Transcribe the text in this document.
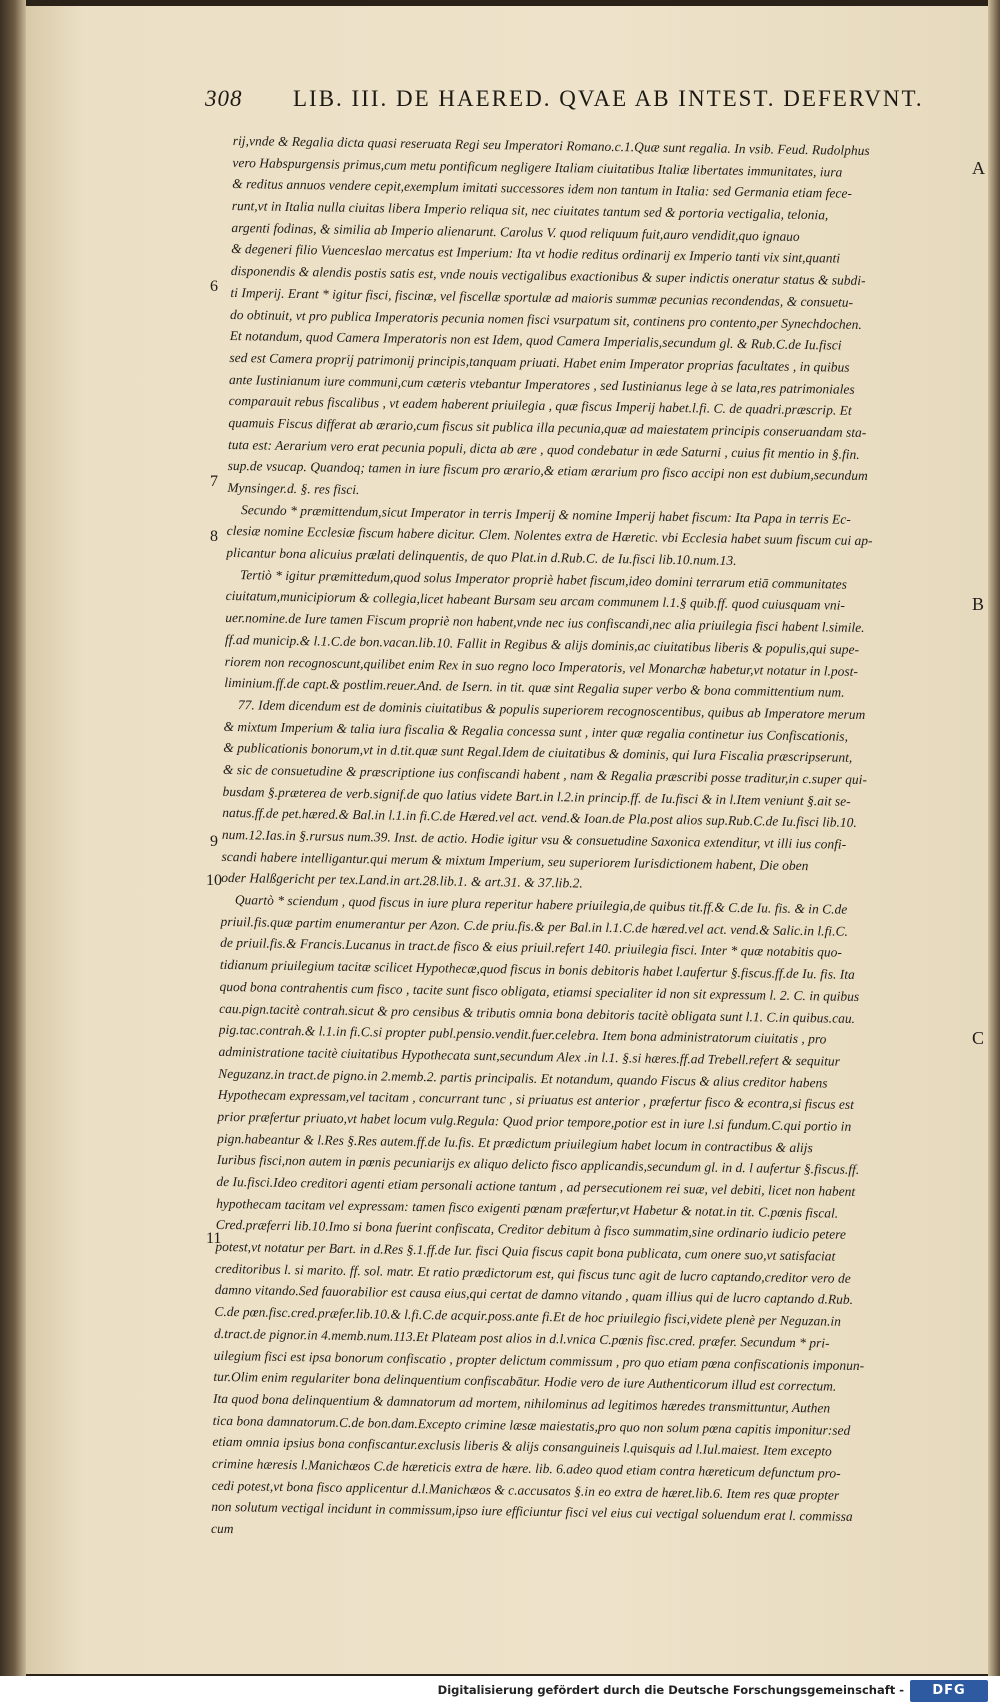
308 LIB. III. DE HAERED. QVAE AB INTEST. DEFERVNT.
rij,vnde & Regalia dicta quasi reseruata Regi seu Imperatori Romano.c.1.Quæ sunt regalia. In vsib. Feud. Rudolphus
vero Habspurgensis primus,cum metu pontificum negligere Italiam ciuitatibus Italiæ libertates immunitates, iura
& reditus annuos vendere cepit,exemplum imitati successores idem non tantum in Italia: sed Germania etiam fece-
runt,vt in Italia nulla ciuitas libera Imperio reliqua sit, nec ciuitates tantum sed & portoria vectigalia, telonia,
argenti fodinas, & similia ab Imperio alienarunt. Carolus V. quod reliquum fuit,auro vendidit,quo ignauo
& degeneri filio Vuenceslao mercatus est Imperium: Ita vt hodie reditus ordinarij ex Imperio tanti vix sint,quanti
disponendis & alendis postis satis est, vnde nouis vectigalibus exactionibus & super indictis oneratur status & subdi-
ti Imperij. Erant * igitur fisci, fiscinæ, vel fiscellæ sportulæ ad maioris summæ pecunias recondendas, & consuetu-
do obtinuit, vt pro publica Imperatoris pecunia nomen fisci vsurpatum sit, continens pro contento,per Synechdochen.
Et notandum, quod Camera Imperatoris non est Idem, quod Camera Imperialis,secundum gl. & Rub.C.de Iu.fisci
sed est Camera proprij patrimonij principis,tanquam priuati. Habet enim Imperator proprias facultates , in quibus
ante Iustinianum iure communi,cum cæteris vtebantur Imperatores , sed Iustinianus lege à se lata,res patrimoniales
comparauit rebus fiscalibus , vt eadem haberent priuilegia , quæ fiscus Imperij habet.l.fi. C. de quadri.præscrip. Et
quamuis Fiscus differat ab ærario,cum fiscus sit publica illa pecunia,quæ ad maiestatem principis conseruandam sta-
tuta est: Aerarium vero erat pecunia populi, dicta ab ære , quod condebatur in æde Saturni , cuius fit mentio in §.fin.
sup.de vsucap. Quandoq; tamen in iure fiscum pro ærario,& etiam ærarium pro fisco accipi non est dubium,secundum
Mynsinger.d. §. res fisci.
Secundo * præmittendum,sicut Imperator in terris Imperij & nomine Imperij habet fiscum: Ita Papa in terris Ec-
clesiæ nomine Ecclesiæ fiscum habere dicitur. Clem. Nolentes extra de Hæretic. vbi Ecclesia habet suum fiscum cui ap-
plicantur bona alicuius prælati delinquentis, de quo Plat.in d.Rub.C. de Iu.fisci lib.10.num.13.
Tertiò * igitur præmittedum,quod solus Imperator propriè habet fiscum,ideo domini terrarum etiā communitates
ciuitatum,municipiorum & collegia,licet habeant Bursam seu arcam communem l.1.§ quib.ff. quod cuiusquam vni-
uer.nomine.de Iure tamen Fiscum propriè non habent,vnde nec ius confiscandi,nec alia priuilegia fisci habent l.simile.
ff.ad municip.& l.1.C.de bon.vacan.lib.10. Fallit in Regibus & alijs dominis,ac ciuitatibus liberis & populis,qui supe-
riorem non recognoscunt,quilibet enim Rex in suo regno loco Imperatoris, vel Monarchæ habetur,vt notatur in l.post-
liminium.ff.de capt.& postlim.reuer.And. de Isern. in tit. quæ sint Regalia super verbo & bona committentium num.
77. Idem dicendum est de dominis ciuitatibus & populis superiorem recognoscentibus, quibus ab Imperatore merum
& mixtum Imperium & talia iura fiscalia & Regalia concessa sunt , inter quæ regalia continetur ius Confiscationis,
& publicationis bonorum,vt in d.tit.quæ sunt Regal.Idem de ciuitatibus & dominis, qui Iura Fiscalia præscripserunt,
& sic de consuetudine & præscriptione ius confiscandi habent , nam & Regalia præscribi posse traditur,in c.super qui-
busdam §.præterea de verb.signif.de quo latius videte Bart.in l.2.in princip.ff. de Iu.fisci & in l.Item veniunt §.ait se-
natus.ff.de pet.hæred.& Bal.in l.1.in fi.C.de Hæred.vel act. vend.& Ioan.de Pla.post alios sup.Rub.C.de Iu.fisci lib.10.
num.12.Ias.in §.rursus num.39. Inst. de actio. Hodie igitur vsu & consuetudine Saxonica extenditur, vt illi ius confi-
scandi habere intelligantur.qui merum & mixtum Imperium, seu superiorem Iurisdictionem habent, Die oben
oder Halßgericht per tex.Land.in art.28.lib.1. & art.31. & 37.lib.2.
Quartò * sciendum , quod fiscus in iure plura reperitur habere priuilegia,de quibus tit.ff.& C.de Iu. fis. & in C.de
priuil.fis.quæ partim enumerantur per Azon. C.de priu.fis.& per Bal.in l.1.C.de hæred.vel act. vend.& Salic.in l.fi.C.
de priuil.fis.& Francis.Lucanus in tract.de fisco & eius priuil.refert 140. priuilegia fisci. Inter * quæ notabitis quo-
tidianum priuilegium tacitæ scilicet Hypothecæ,quod fiscus in bonis debitoris habet l.aufertur §.fiscus.ff.de Iu. fis. Ita
quod bona contrahentis cum fisco , tacite sunt fisco obligata, etiamsi specialiter id non sit expressum l. 2. C. in quibus
cau.pign.tacitè contrah.sicut & pro censibus & tributis omnia bona debitoris tacitè obligata sunt l.1. C.in quibus.cau.
pig.tac.contrah.& l.1.in fi.C.si propter publ.pensio.vendit.fuer.celebra. Item bona administratorum ciuitatis , pro
administratione tacitè ciuitatibus Hypothecata sunt,secundum Alex .in l.1. §.si hæres.ff.ad Trebell.refert & sequitur
Neguzanz.in tract.de pigno.in 2.memb.2. partis principalis. Et notandum, quando Fiscus & alius creditor habens
Hypothecam expressam,vel tacitam , concurrant tunc , si priuatus est anterior , præfertur fisco & econtra,si fiscus est
prior præfertur priuato,vt habet locum vulg.Regula: Quod prior tempore,potior est in iure l.si fundum.C.qui portio in
pign.habeantur & l.Res §.Res autem.ff.de Iu.fis. Et prædictum priuilegium habet locum in contractibus & alijs
Iuribus fisci,non autem in pœnis pecuniarijs ex aliquo delicto fisco applicandis,secundum gl. in d. l aufertur §.fiscus.ff.
de Iu.fisci.Ideo creditori agenti etiam personali actione tantum , ad persecutionem rei suæ, vel debiti, licet non habent
hypothecam tacitam vel expressam: tamen fisco exigenti pœnam præfertur,vt Habetur & notat.in tit. C.pœnis fiscal.
Cred.præferri lib.10.Imo si bona fuerint confiscata, Creditor debitum à fisco summatim,sine ordinario iudicio petere
potest,vt notatur per Bart. in d.Res §.1.ff.de Iur. fisci Quia fiscus capit bona publicata, cum onere suo,vt satisfaciat
creditoribus l. si marito. ff. sol. matr. Et ratio prædictorum est, qui fiscus tunc agit de lucro captando,creditor vero de
damno vitando.Sed fauorabilior est causa eius,qui certat de damno vitando , quam illius qui de lucro captando d.Rub.
C.de pœn.fisc.cred.præfer.lib.10.& l.fi.C.de acquir.poss.ante fi.Et de hoc priuilegio fisci,videte plenè per Neguzan.in
d.tract.de pignor.in 4.memb.num.113.Et Plateam post alios in d.l.vnica C.pœnis fisc.cred. præfer. Secundum * pri-
uilegium fisci est ipsa bonorum confiscatio , propter delictum commissum , pro quo etiam pœna confiscationis imponun-
tur.Olim enim regulariter bona delinquentium confiscabātur. Hodie vero de iure Authenticorum illud est correctum.
Ita quod bona delinquentium & damnatorum ad mortem, nihilominus ad legitimos hæredes transmittuntur, Authen
tica bona damnatorum.C.de bon.dam.Excepto crimine læsæ maiestatis,pro quo non solum pœna capitis imponitur:sed
etiam omnia ipsius bona confiscantur.exclusis liberis & alijs consanguineis l.quisquis ad l.Iul.maiest. Item excepto
crimine hæresis l.Manichæos C.de hæreticis extra de hære. lib. 6.adeo quod etiam contra hæreticum defunctum pro-
cedi potest,vt bona fisco applicentur d.l.Manichæos & c.accusatos §.in eo extra de hæret.lib.6. Item res quæ propter
non solutum vectigal incidunt in commissum,ipso iure efficiuntur fisci vel eius cui vectigal soluendum erat l. commissa
cum
A
B
C
6
7
8
9
10
11
Digitalisierung gefördert durch die Deutsche Forschungsgemeinschaft -	DFG
